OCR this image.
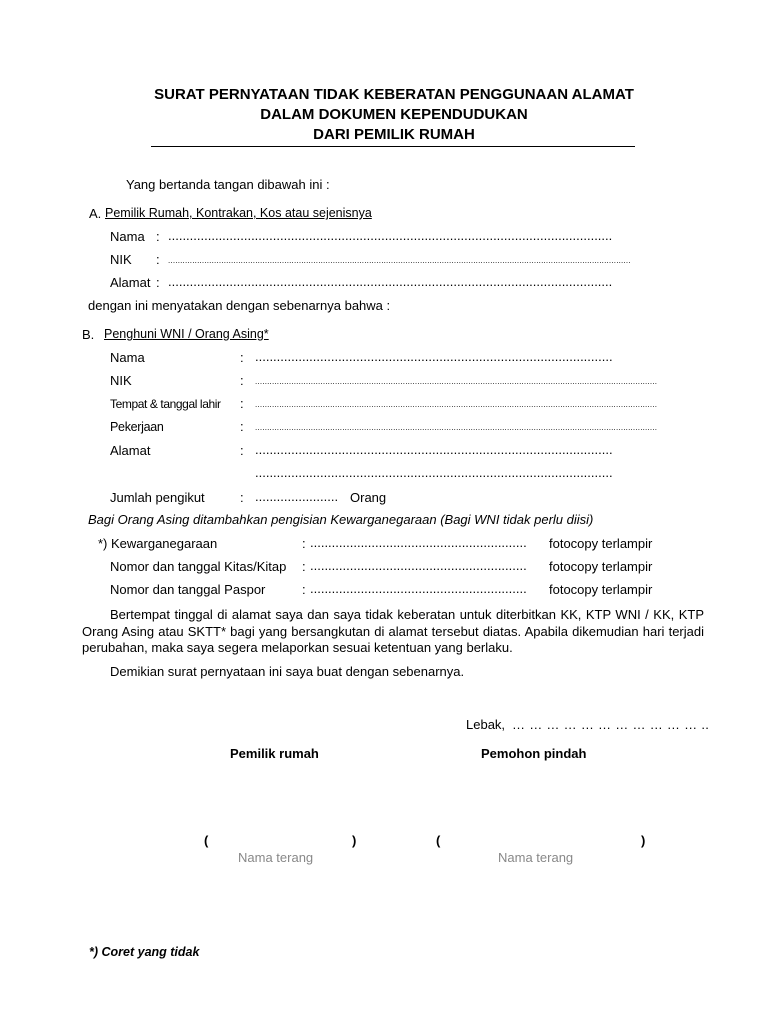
SURAT PERNYATAAN TIDAK KEBERATAN PENGGUNAAN ALAMAT
DALAM DOKUMEN KEPENDUDUKAN
DARI PEMILIK RUMAH
Yang bertanda tangan dibawah ini :
A. Pemilik Rumah, Kontrakan, Kos atau sejenisnya
Nama : ...........................................................................................................................
NIK : ...............................................................................................................................................................................................
Alamat : ...........................................................................................................................
dengan ini menyatakan dengan sebenarnya bahwa :
B. Penghuni WNI / Orang Asing*
Nama	: ...................................................................................................
NIK	: ......................................................................................................................................................................
Tempat & tanggal lahir : ......................................................................................................................................................................
Pekerjaan	: ......................................................................................................................................................................
Alamat	: ...................................................................................................
...................................................................................................
Jumlah pengikut	: ....................... Orang
Bagi Orang Asing ditambahkan pengisian Kewarganegaraan (Bagi WNI tidak perlu diisi)
*) Kewarganegaraan	: ............................................................ fotocopy terlampir
Nomor dan tanggal Kitas/Kitap : ............................................................ fotocopy terlampir
Nomor dan tanggal Paspor	: ............................................................ fotocopy terlampir
Bertempat tinggal di alamat saya dan saya tidak keberatan untuk diterbitkan KK, KTP WNI / KK, KTP Orang Asing atau SKTT* bagi yang bersangkutan di alamat tersebut diatas. Apabila dikemudian hari terjadi perubahan, maka saya segera melaporkan sesuai ketentuan yang berlaku.
Demikian surat pernyataan ini saya buat dengan sebenarnya.
Lebak, … … … … … … … … … … … ..
Pemilik rumah	Pemohon pindah
(	)
Nama terang
(	)
Nama terang
*) Coret yang tidak
